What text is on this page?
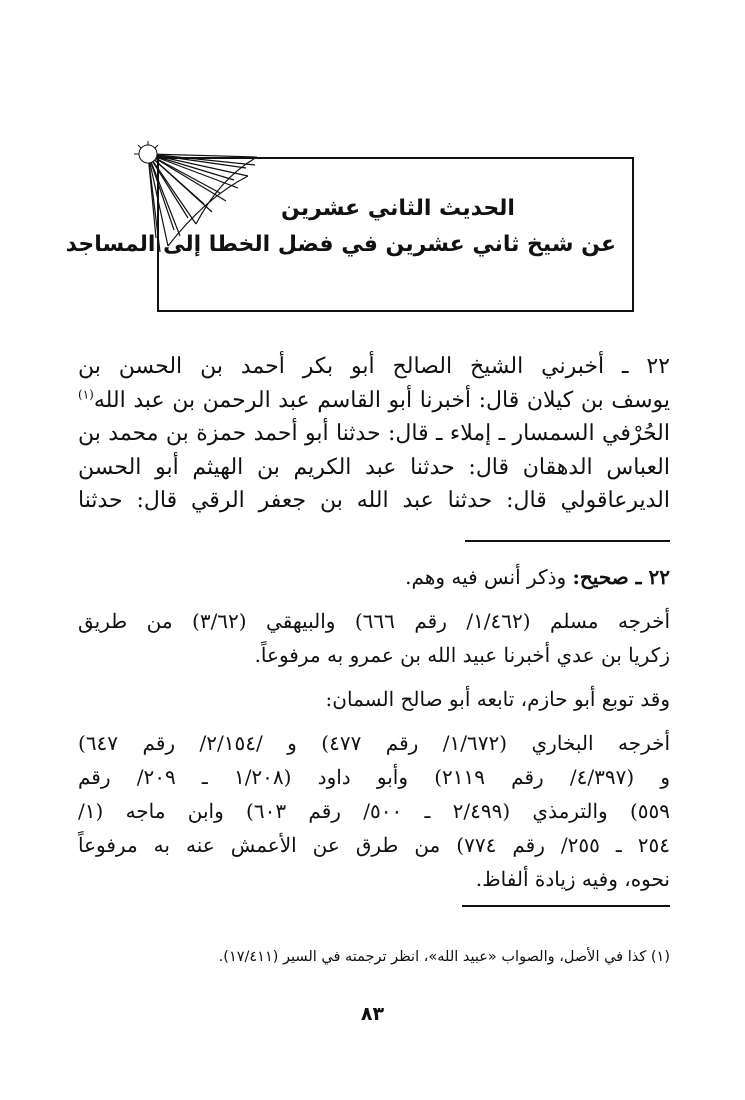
الحديث الثاني عشرين
عن شيخ ثاني عشرين في فضل الخطا إلى المساجد
٢٢ ـ أخبرني الشيخ الصالح أبو بكر أحمد بن الحسن بن
يوسف بن كيلان قال: أخبرنا أبو القاسم عبد الرحمن بن عبد الله$^{(١)}$
الحُرْفي السمسار ـ إملاء ـ قال: حدثنا أبو أحمد حمزة بن محمد بن
العباس الدهقان قال: حدثنا عبد الكريم بن الهيثم أبو الحسن
الديرعاقولي قال: حدثنا عبد الله بن جعفر الرقي قال: حدثنا
٢٢ ـ صحيح: وذكر أنس فيه وهم.
أخرجه مسلم (١/٤٦٢/ رقم ٦٦٦) والبيهقي (٣/٦٢) من طريق
زكريا بن عدي أخبرنا عبيد الله بن عمرو به مرفوعاً.
وقد توبع أبو حازم، تابعه أبو صالح السمان:
أخرجه البخاري (١/٦٧٢/ رقم ٤٧٧) و /٢/١٥٤/ رقم ٦٤٧)
و (٤/٣٩٧/ رقم ٢١١٩) وأبو داود (١/٢٠٨ ـ ٢٠٩/ رقم
٥٥٩) والترمذي (٢/٤٩٩ ـ ٥٠٠/ رقم ٦٠٣) وابن ماجه (١/
٢٥٤ ـ ٢٥٥/ رقم ٧٧٤) من طرق عن الأعمش عنه به مرفوعاً
نحوه، وفيه زيادة ألفاظ.
(١) كذا في الأصل، والصواب «عبيد الله»، انظر ترجمته في السير (١٧/٤١١).
٨٣
